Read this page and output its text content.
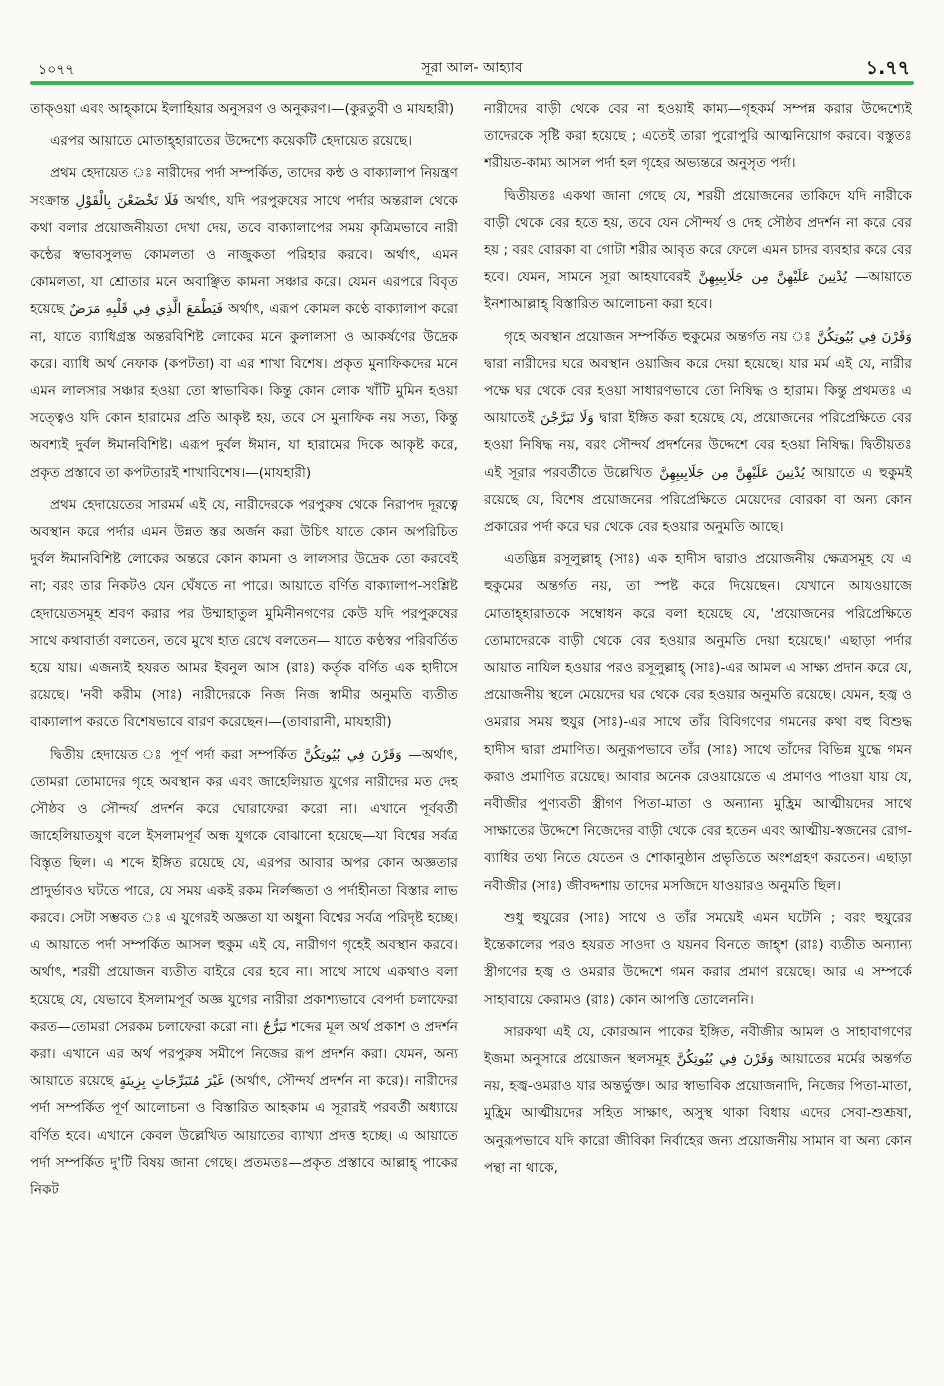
১০৭৭	সূরা আল- আহ্যাব	১.৭৭

তাক্ওয়া এবং আহ্কামে ইলাহিয়ার অনুসরণ ও অনুকরণ।—(কুরতুবী ও মাযহারী)

এরপর আয়াতে মোতাহ্হারাতের উদ্দেশ্যে কয়েকটি হেদায়েত রয়েছে।

প্রথম হেদায়েত ঃ নারীদের পর্দা সম্পর্কিত, তাদের কন্ঠ ও বাক্যালাপ নিয়ন্ত্রণ সংক্রান্ত فَلَا تَخْضَعْنَ بِالْقَوْلِ অর্থাৎ, যদি পরপুরুষের সাথে পর্দার অন্তরাল থেকে কথা বলার প্রয়োজনীয়তা দেখা দেয়, তবে বাক্যালাপের সময় কৃত্রিমভাবে নারী কন্ঠের স্বভাবসুলভ কোমলতা ও নাজুকতা পরিহার করবে। অর্থাৎ, এমন কোমলতা, যা শ্রোতার মনে অবাঞ্ছিত কামনা সঞ্চার করে। যেমন এরপরে বিবৃত হয়েছে فَيَطْمَعَ الَّذِي فِي قَلْبِهِ مَرَضٌ অর্থাৎ, এরূপ কোমল কণ্ঠে বাক্যালাপ করো না, যাতে ব্যাধিগ্রস্ত অন্তরবিশিষ্ট লোকের মনে কুলালসা ও আকর্ষণের উদ্রেক করে। ব্যাধি অর্থ নেফাক (কপটতা) বা এর শাখা বিশেষ। প্রকৃত মুনাফিকদের মনে এমন লালসার সঞ্চার হওয়া তো স্বাভাবিক। কিন্তু কোন লোক খাঁটি মুমিন হওয়া সত্ত্বেও যদি কোন হারামের প্রতি আকৃষ্ট হয়, তবে সে মুনাফিক নয় সত্য, কিন্তু অবশ্যই দুর্বল ঈমানবিশিষ্ট। এরূপ দুর্বল ঈমান, যা হারামের দিকে আকৃষ্ট করে, প্রকৃত প্রস্তাবে তা কপটতারই শাখাবিশেষ।—(মাযহারী)

প্রথম হেদায়েতের সারমর্ম এই যে, নারীদেরকে পরপুরুষ থেকে নিরাপদ দূরত্বে অবস্থান করে পর্দার এমন উন্নত স্তর অর্জন করা উচিৎ যাতে কোন অপরিচিত দুর্বল ঈমানবিশিষ্ট লোকের অন্তরে কোন কামনা ও লালসার উদ্রেক তো করবেই না; বরং তার নিকটও যেন ঘেঁষতে না পারে। আয়াতে বর্ণিত বাক্যালাপ-সংশ্লিষ্ট হেদায়েতসমূহ শ্রবণ করার পর উম্মাহাতুল মুমিনীনগণের কেউ যদি পরপুরুষের সাথে কথাবার্তা বলতেন, তবে মুখে হাত রেখে বলতেন— যাতে কণ্ঠস্বর পরিবর্তিত হয়ে যায়। এজন্যই হযরত আমর ইবনুল আস (রাঃ) কর্তৃক বর্ণিত এক হাদীসে রয়েছে। 'নবী করীম (সাঃ) নারীদেরকে নিজ নিজ স্বামীর অনুমতি ব্যতীত বাক্যালাপ করতে বিশেষভাবে বারণ করেছেন।—(তাবারানী, মাযহারী)

দ্বিতীয় হেদায়েত ঃ পূর্ণ পর্দা করা সম্পর্কিত وَقَرْنَ فِي بُيُوتِكُنَّ —অর্থাৎ, তোমরা তোমাদের গৃহে অবস্থান কর এবং জাহেলিয়াত যুগের নারীদের মত দেহ সৌষ্ঠব ও সৌন্দর্য প্রদর্শন করে ঘোরাফেরা করো না। এখানে পূর্ববর্তী জাহেলিয়াতযুগ বলে ইসলামপূর্ব অন্ধ যুগকে বোঝানো হয়েছে—যা বিশ্বের সর্বত্র বিস্তৃত ছিল। এ শব্দে ইঙ্গিত রয়েছে যে, এরপর আবার অপর কোন অজ্ঞতার প্রাদুর্ভাবও ঘটতে পারে, যে সময় একই রকম নির্লজ্জতা ও পর্দাহীনতা বিস্তার লাভ করবে। সেটা সম্ভবত ঃ এ যুগেরই অজ্ঞতা যা অধুনা বিশ্বের সর্বত্র পরিদৃষ্ট হচ্ছে। এ আয়াতে পর্দা সম্পর্কিত আসল হুকুম এই যে, নারীগণ গৃহেই অবস্থান করবে। অর্থাৎ, শরয়ী প্রয়োজন ব্যতীত বাইরে বের হবে না। সাথে সাথে একথাও বলা হয়েছে যে, যেভাবে ইসলামপূর্ব অজ্ঞ যুগের নারীরা প্রকাশ্যভাবে বেপর্দা চলাফেরা করত—তোমরা সেরকম চলাফেরা করো না। تَبَرُّجٌ শব্দের মূল অর্থ প্রকাশ ও প্রদর্শন করা। এখানে এর অর্থ পরপুরুষ সমীপে নিজের রূপ প্রদর্শন করা। যেমন, অন্য আয়াতে রয়েছে غَيْرَ مُتَبَرِّجَاتٍ بِزِينَةٍ (অর্থাৎ, সৌন্দর্য প্রদর্শন না করে)। নারীদের পর্দা সম্পর্কিত পূর্ণ আলোচনা ও বিস্তারিত আহকাম এ সূরারই পরবর্তী অধ্যায়ে বর্ণিত হবে। এখানে কেবল উল্লেখিত আয়াতের ব্যাখ্যা প্রদত্ত হচ্ছে। এ আয়াতে পর্দা সম্পর্কিত দু'টি বিষয় জানা গেছে। প্রতমতঃ—প্রকৃত প্রস্তাবে আল্লাহ্ পাকের নিকট

নারীদের বাড়ী থেকে বের না হওয়াই কাম্য—গৃহকর্ম সম্পন্ন করার উদ্দেশ্যেই তাদেরকে সৃষ্টি করা হয়েছে ; এতেই তারা পুরোপুরি আত্মনিয়োগ করবে। বস্তুতঃ শরীয়ত-কাম্য আসল পর্দা হল গৃহের অভ্যন্তরে অনুসৃত পর্দা।

দ্বিতীয়তঃ একথা জানা গেছে যে, শরয়ী প্রয়োজনের তাকিদে যদি নারীকে বাড়ী থেকে বের হতে হয়, তবে যেন সৌন্দর্য ও দেহ সৌষ্ঠব প্রদর্শন না করে বের হয় ; বরং বোরকা বা গোটা শরীর আবৃত করে ফেলে এমন চাদর ব্যবহার করে বের হবে। যেমন, সামনে সূরা আহযাবেরই يُدْنِينَ عَلَيْهِنَّ مِن جَلَابِيبِهِنَّ —আয়াতে ইনশাআল্লাহ্ বিস্তারিত আলোচনা করা হবে।

গৃহে অবস্থান প্রয়োজন সম্পর্কিত হুকুমের অন্তর্গত নয় ঃ وَقَرْنَ فِي بُيُوتِكُنَّ দ্বারা নারীদের ঘরে অবস্থান ওয়াজিব করে দেয়া হয়েছে। যার মর্ম এই যে, নারীর পক্ষে ঘর থেকে বের হওয়া সাধারণভাবে তো নিষিদ্ধ ও হারাম। কিন্তু প্রথমতঃ এ আয়াতেই وَلَا تَبَرَّجْنَ দ্বারা ইঙ্গিত করা হয়েছে যে, প্রয়োজনের পরিপ্রেক্ষিতে বের হওয়া নিষিদ্ধ নয়, বরং সৌন্দর্য প্রদর্শনের উদ্দেশে বের হওয়া নিষিদ্ধ। দ্বিতীয়তঃ এই সূরার পরবর্তীতে উল্লেখিত يُدْنِينَ عَلَيْهِنَّ مِن جَلَابِيبِهِنَّ আয়াতে এ হুকুমই রয়েছে যে, বিশেষ প্রয়োজনের পরিপ্রেক্ষিতে মেয়েদের বোরকা বা অন্য কোন প্রকারের পর্দা করে ঘর থেকে বের হওয়ার অনুমতি আছে।

এতদ্ভিন্ন রসূলুল্লাহ্ (সাঃ) এক হাদীস দ্বারাও প্রয়োজনীয় ক্ষেত্রসমূহ যে এ হুকুমের অন্তর্গত নয়, তা স্পষ্ট করে দিয়েছেন। যেখানে আযওয়াজে মোতাহ্হারাতকে সম্বোধন করে বলা হয়েছে যে, 'প্রয়োজনের পরিপ্রেক্ষিতে তোমাদেরকে বাড়ী থেকে বের হওয়ার অনুমতি দেয়া হয়েছে।' এছাড়া পর্দার আয়াত নাযিল হওয়ার পরও রসূলুল্লাহ্ (সাঃ)-এর আমল এ সাক্ষ্য প্রদান করে যে, প্রয়োজনীয় স্থলে মেয়েদের ঘর থেকে বের হওয়ার অনুমতি রয়েছে। যেমন, হজ্ব ও ওমরার সময় হুযুর (সাঃ)-এর সাথে তাঁর বিবিগণের গমনের কথা বহু বিশুদ্ধ হাদীস দ্বারা প্রমাণিত। অনুরূপভাবে তাঁর (সাঃ) সাথে তাঁদের বিভিন্ন যুদ্ধে গমন করাও প্রমাণিত রয়েছে। আবার অনেক রেওয়ায়েতে এ প্রমাণও পাওয়া যায় যে, নবীজীর পুণ্যবতী স্ত্রীগণ পিতা-মাতা ও অন্যান্য মুহ্রিম আত্মীয়দের সাথে সাক্ষাতের উদ্দেশে নিজেদের বাড়ী থেকে বের হতেন এবং আত্মীয়-স্বজনের রোগ-ব্যাধির তথ্য নিতে যেতেন ও শোকানুষ্ঠান প্রভৃতিতে অংশগ্রহণ করতেন। এছাড়া নবীজীর (সাঃ) জীবদ্দশায় তাদের মসজিদে যাওয়ারও অনুমতি ছিল।

শুধু হুযুরের (সাঃ) সাথে ও তাঁর সময়েই এমন ঘটেনি ; বরং হুযুরের ইন্তেকালের পরও হযরত সাওদা ও যয়নব বিনতে জাহ্শ (রাঃ) ব্যতীত অন্যান্য স্ত্রীগণের হজ্ব ও ওমরার উদ্দেশে গমন করার প্রমাণ রয়েছে। আর এ সম্পর্কে সাহাবায়ে কেরামও (রাঃ) কোন আপত্তি তোলেননি।

সারকথা এই যে, কোরআন পাকের ইঙ্গিত, নবীজীর আমল ও সাহাবাগণের ইজমা অনুসারে প্রয়োজন স্থলসমূহ وَقَرْنَ فِي بُيُوتِكُنَّ আয়াতের মর্মের অন্তর্গত নয়, হজ্ব-ওমরাও যার অন্তর্ভুক্ত। আর স্বাভাবিক প্রয়োজনাদি, নিজের পিতা-মাতা, মুহ্রিম আত্মীয়দের সহিত সাক্ষাৎ, অসুস্থ থাকা বিধায় এদের সেবা-শুশ্রূষা, অনুরূপভাবে যদি কারো জীবিকা নির্বাহের জন্য প্রয়োজনীয় সামান বা অন্য কোন পন্থা না থাকে,
